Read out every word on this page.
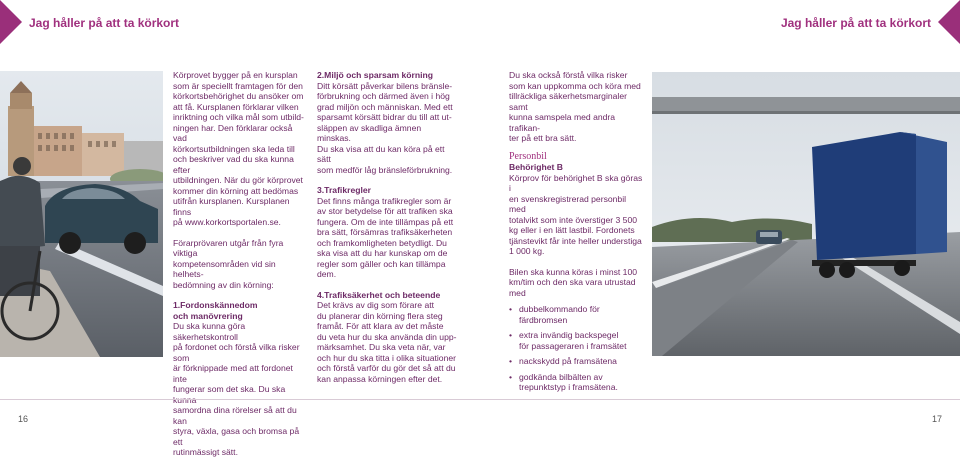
Jag håller på att ta körkort	Jag håller på att ta körkort

Körprovet bygger på en kursplan

som är speciellt framtagen för den

körkortsbehörighet du ansöker om

att få. Kursplanen förklarar vilken

inriktning och vilka mål som utbild-

ningen har. Den förklarar också vad

körkortsutbildningen ska leda till

och beskriver vad du ska kunna efter

utbildningen. När du gör körprovet

kommer din körning att bedömas

utifrån kursplanen. Kursplanen finns

på www.korkortsportalen.se.

Förarprövaren utgår från fyra viktiga

kompetensområden vid sin helhets-

bedömning av din körning:

1.Fordonskännedom

och manövrering

Du ska kunna göra säkerhetskontroll

på fordonet och förstå vilka risker som

är förknippade med att fordonet inte

fungerar som det ska. Du ska

samordna dina rörelser så att du kan

styra, växla, gasa och bromsa på ett

rutinmässigt sätt.

2.Miljö och sparsam körning

Ditt körsätt påverkar bilens bränsle-

förbrukning och därmed även i hög

grad miljön och människan. Med ett

sparsamt körsätt bidrar du till att ut-

släppen av skadliga ämnen minskas.

Du ska visa att du kan köra på ett sätt

som medför låg bränsleförbrukning.

3.Trafikregler

Det finns många trafikregler som är

av stor betydelse för att trafiken ska

fungera. Om de inte tillämpas på ett

bra sätt, försämras trafiksäkerheten

och framkomligheten betydligt. Du

ska visa att du har kunskap om de

regler som gäller och kan tillämpa

dem.

4.Trafiksäkerhet och beteende

Det krävs av dig som förare att

du planerar din körning flera steg

framåt. För att klara av det måste

du veta hur du ska använda din upp-

märksamhet. Du ska veta när, var

och hur du ska titta i olika situationer

och förstå varför du gör det så att du

kan anpassa körningen efter det.

Du ska också förstå vilka risker

som kan uppkomma och köra med

tillräckliga säkerhetsmarginaler samt

kunna samspela med andra trafikan-

ter på ett bra sätt.

Personbil

Behörighet B

Körprov för behörighet B ska göras i

en svenskregistrerad personbil med

totalvikt som inte överstiger 3 500

kg eller i en lätt lastbil. Fordonets

tjänstevikt får inte heller understiga

1 000 kg.

Bilen ska kunna köras i minst 100

km/tim och den ska vara utrustad

med

• dubbelkommando för
färdbromsen
• extra invändig backspegel
för passageraren i framsätet
• nackskydd på framsätena
• godkända bilbälten av
trepunktstyp i framsätena.
16	17
